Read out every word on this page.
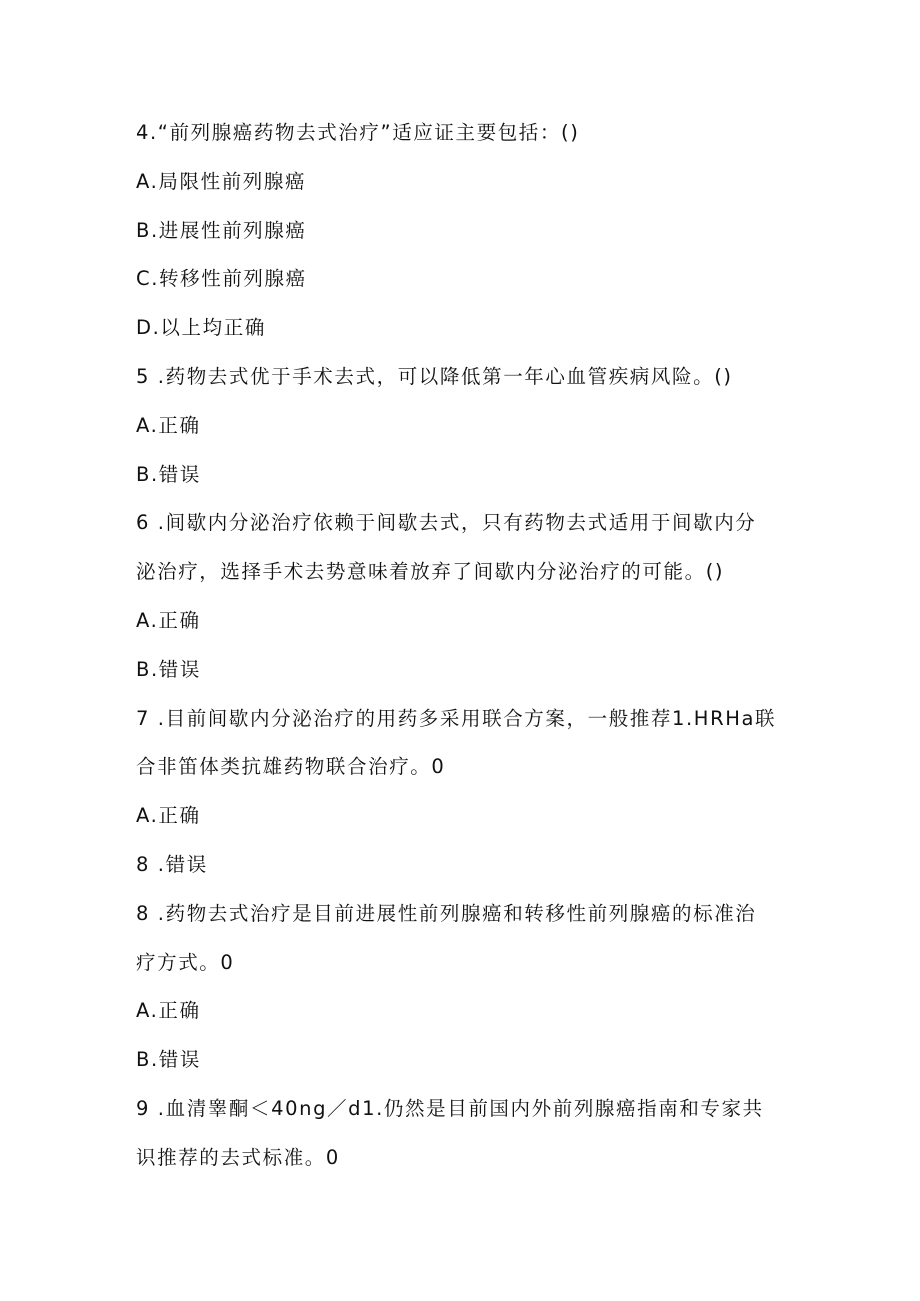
4.“前列腺癌药物去式治疗”适应证主要包括：()
A.局限性前列腺癌
B.进展性前列腺癌
C.转移性前列腺癌
D.以上均正确
5 .药物去式优于手术去式，可以降低第一年心血管疾病风险。()
A.正确
B.错误
6 .间歇内分泌治疗依赖于间歇去式，只有药物去式适用于间歇内分
泌治疗，选择手术去势意味着放弃了间歇内分泌治疗的可能。()
A.正确
B.错误
7 .目前间歇内分泌治疗的用药多采用联合方案，一般推荐1.HRHa联
合非笛体类抗雄药物联合治疗。0
A.正确
8 .错误
8 .药物去式治疗是目前进展性前列腺癌和转移性前列腺癌的标准治
疗方式。0
A.正确
B.错误
9 .血清睾酮＜40ng／d1.仍然是目前国内外前列腺癌指南和专家共
识推荐的去式标准。0
